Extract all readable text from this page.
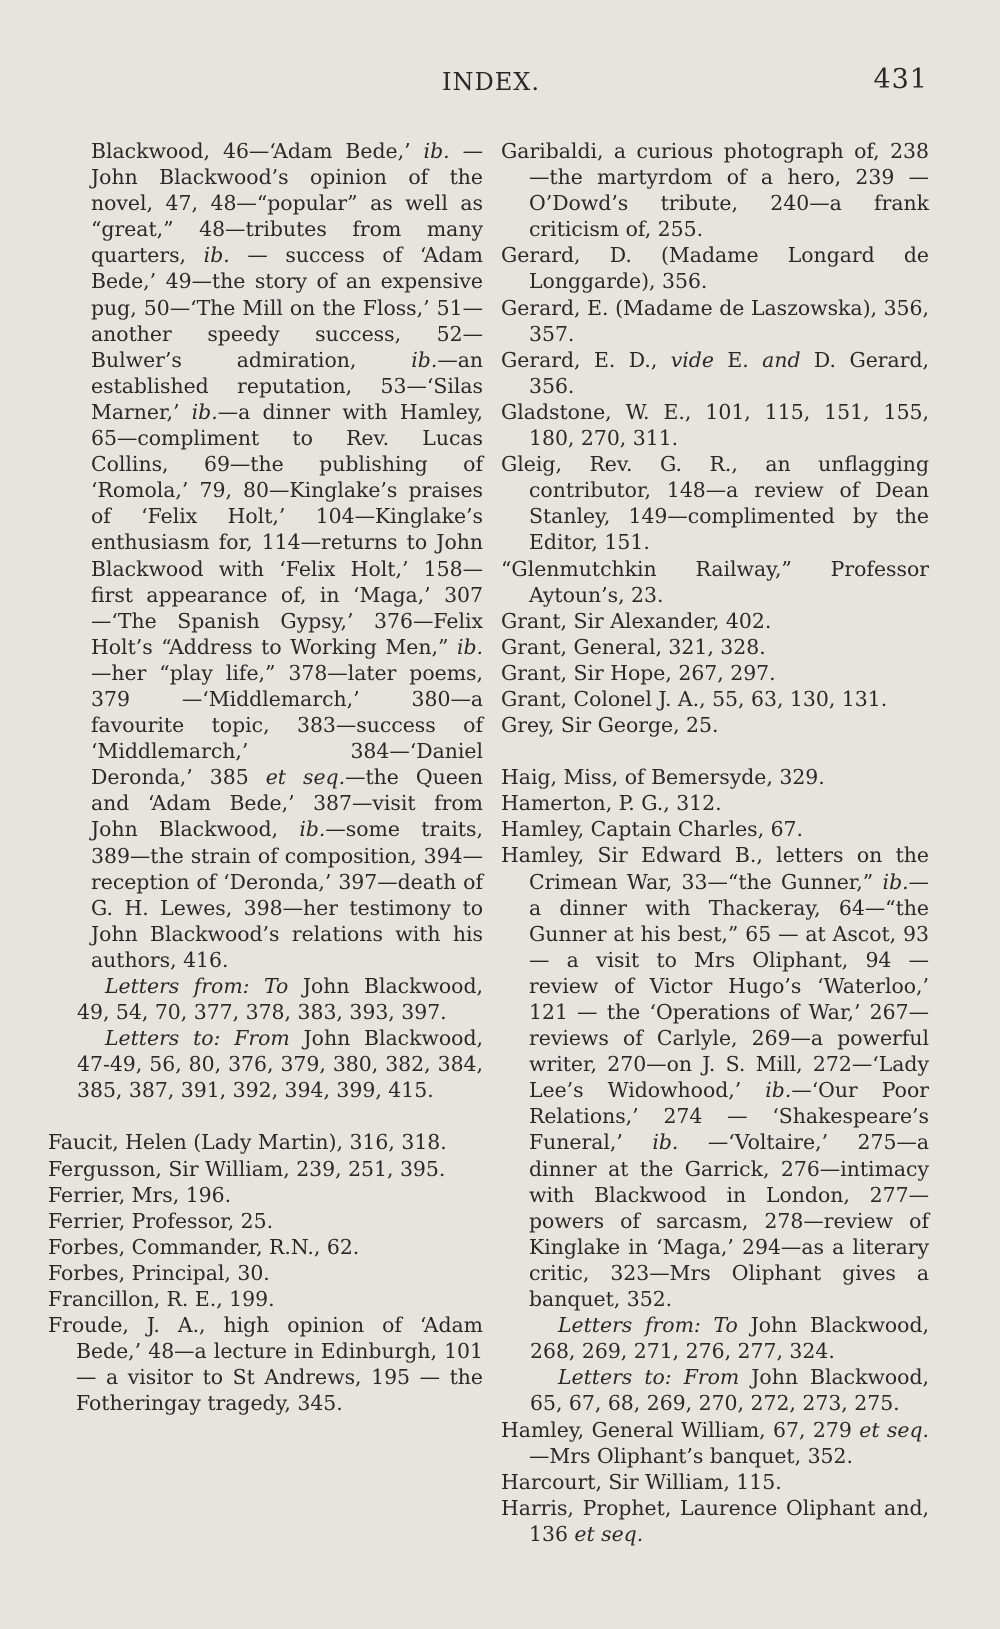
INDEX.	431

Blackwood, 46—‘Adam Bede,’ ib. —John Blackwood’s opinion of the novel, 47, 48—“popular” as well as “great,” 48—tributes from many quarters, ib. — success of ‘Adam Bede,’ 49—the story of an expensive pug, 50—‘The Mill on the Floss,’ 51—another speedy success, 52—Bulwer’s admiration, ib.—an established reputation, 53—‘Silas Marner,’ ib.—a dinner with Hamley, 65—compliment to Rev. Lucas Collins, 69—the publishing of ‘Romola,’ 79, 80—Kinglake’s praises of ‘Felix Holt,’ 104—Kinglake’s enthusiasm for, 114—returns to John Blackwood with ‘Felix Holt,’ 158—first appearance of, in ‘Maga,’ 307—‘The Spanish Gypsy,’ 376—Felix Holt’s “Address to Working Men,” ib.—her “play life,” 378—later poems, 379 —‘Middlemarch,’ 380—a favourite topic, 383—success of ‘Middlemarch,’ 384—‘Daniel Deronda,’ 385 et seq.—the Queen and ‘Adam Bede,’ 387—visit from John Blackwood, ib.—some traits, 389—the strain of composition, 394—reception of ‘Deronda,’ 397—death of G. H. Lewes, 398—her testimony to John Blackwood’s relations with his authors, 416.

Letters from: To John Blackwood, 49, 54, 70, 377, 378, 383, 393, 397.

Letters to: From John Blackwood, 47-49, 56, 80, 376, 379, 380, 382, 384, 385, 387, 391, 392, 394, 399, 415.

Faucit, Helen (Lady Martin), 316, 318.

Fergusson, Sir William, 239, 251, 395.

Ferrier, Mrs, 196.

Ferrier, Professor, 25.

Forbes, Commander, R.N., 62.

Forbes, Principal, 30.

Francillon, R. E., 199.

Froude, J. A., high opinion of ‘Adam Bede,’ 48—a lecture in Edinburgh, 101 — a visitor to St Andrews, 195 — the Fotheringay tragedy, 345.

Garibaldi, a curious photograph of, 238—the martyrdom of a hero, 239 —O’Dowd’s tribute, 240—a frank criticism of, 255.

Gerard, D. (Madame Longard de Longgarde), 356.

Gerard, E. (Madame de Laszowska), 356, 357.

Gerard, E. D., vide E. and D. Gerard, 356.

Gladstone, W. E., 101, 115, 151, 155, 180, 270, 311.

Gleig, Rev. G. R., an unflagging contributor, 148—a review of Dean Stanley, 149—complimented by the Editor, 151.

“Glenmutchkin Railway,” Professor Aytoun’s, 23.

Grant, Sir Alexander, 402.

Grant, General, 321, 328.

Grant, Sir Hope, 267, 297.

Grant, Colonel J. A., 55, 63, 130, 131.

Grey, Sir George, 25.

Haig, Miss, of Bemersyde, 329.

Hamerton, P. G., 312.

Hamley, Captain Charles, 67.

Hamley, Sir Edward B., letters on the Crimean War, 33—“the Gunner,” ib.—a dinner with Thackeray, 64—“the Gunner at his best,” 65 — at Ascot, 93 — a visit to Mrs Oliphant, 94 — review of Victor Hugo’s ‘Waterloo,’ 121 — the ‘Operations of War,’ 267—reviews of Carlyle, 269—a powerful writer, 270—on J. S. Mill, 272—‘Lady Lee’s Widowhood,’ ib.—‘Our Poor Relations,’ 274 — ‘Shakespeare’s Funeral,’ ib. —‘Voltaire,’ 275—a dinner at the Garrick, 276—intimacy with Blackwood in London, 277—powers of sarcasm, 278—review of Kinglake in ‘Maga,’ 294—as a literary critic, 323—Mrs Oliphant gives a banquet, 352.

Letters from: To John Blackwood, 268, 269, 271, 276, 277, 324.

Letters to: From John Blackwood, 65, 67, 68, 269, 270, 272, 273, 275.

Hamley, General William, 67, 279 et seq.—Mrs Oliphant’s banquet, 352.

Harcourt, Sir William, 115.

Harris, Prophet, Laurence Oliphant and, 136 et seq.
